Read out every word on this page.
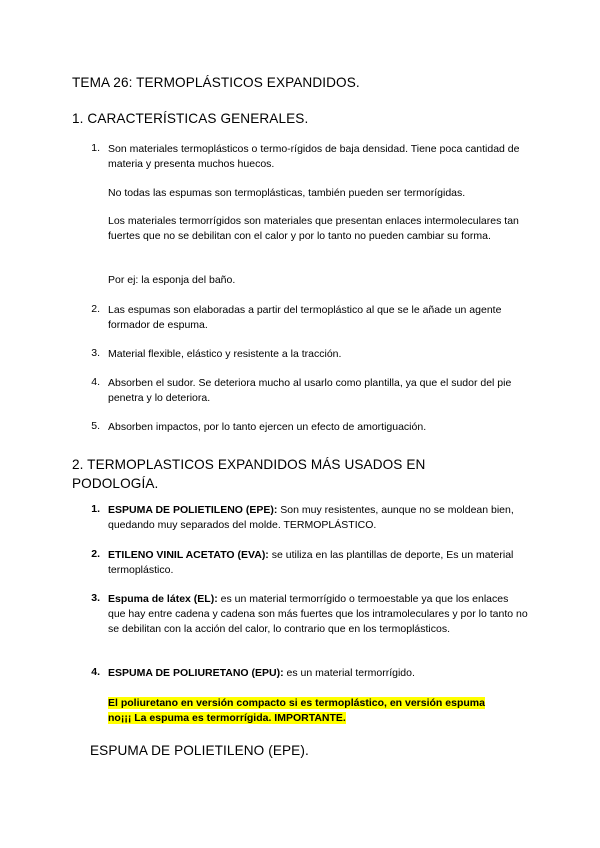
TEMA 26: TERMOPLÁSTICOS EXPANDIDOS.
1. CARACTERÍSTICAS GENERALES.
1. Son materiales termoplásticos o termo-rígidos de baja densidad. Tiene poca cantidad de materia y presenta muchos huecos.

No todas las espumas son termoplásticas, también pueden ser termorígidas.

Los materiales termorrígidos son materiales que presentan enlaces intermoleculares tan fuertes que no se debilitan con el calor y por lo tanto no pueden cambiar su forma.

Por ej: la esponja del baño.

2. Las espumas son elaboradas a partir del termoplástico al que se le añade un agente formador de espuma.

3. Material flexible, elástico y resistente a la tracción.

4. Absorben el sudor. Se deteriora mucho al usarlo como plantilla, ya que el sudor del pie penetra y lo deteriora.

5. Absorben impactos, por lo tanto ejercen un efecto de amortiguación.

2. TERMOPLASTICOS EXPANDIDOS MÁS USADOS EN PODOLOGÍA.
1. ESPUMA DE POLIETILENO (EPE): Son muy resistentes, aunque no se moldean bien, quedando muy separados del molde. TERMOPLÁSTICO.

2. ETILENO VINIL ACETATO (EVA): se utiliza en las plantillas de deporte, Es un material termoplástico.

3. Espuma de látex (EL): es un material termorrígido o termoestable ya que los enlaces que hay entre cadena y cadena son más fuertes que los intramoleculares y por lo tanto no se debilitan con la acción del calor, lo contrario que en los termoplásticos.

4. ESPUMA DE POLIURETANO (EPU): es un material termorrígido.

El poliuretano en versión compacto si es termoplástico, en versión espuma
no¡¡¡ La espuma es termorrígida. IMPORTANTE.

ESPUMA DE POLIETILENO (EPE).
